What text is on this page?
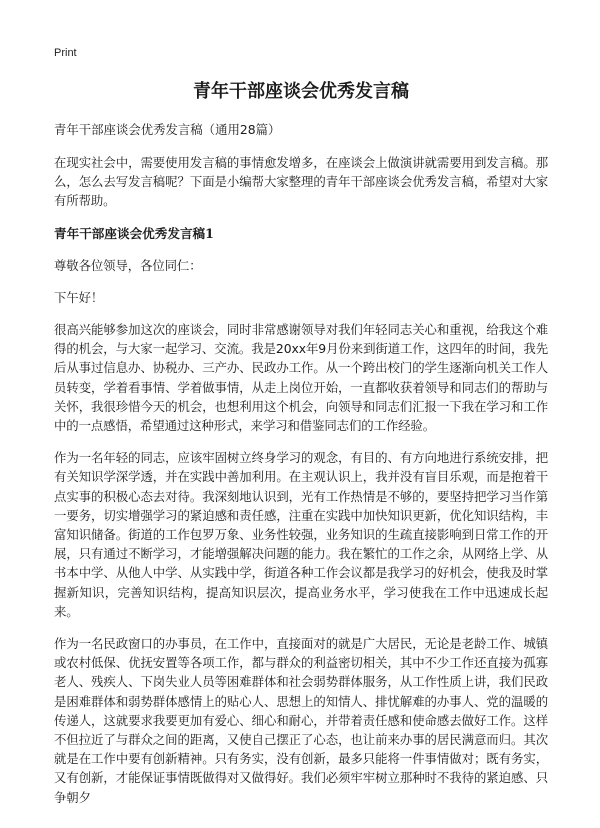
Print
青年干部座谈会优秀发言稿

青年干部座谈会优秀发言稿（通用28篇）

在现实社会中，需要使用发言稿的事情愈发增多，在座谈会上做演讲就需要用到发言稿。那么，怎么去写发言稿呢？下面是小编帮大家整理的青年干部座谈会优秀发言稿，希望对大家有所帮助。

青年干部座谈会优秀发言稿1

尊敬各位领导，各位同仁：

下午好！

很高兴能够参加这次的座谈会，同时非常感谢领导对我们年轻同志关心和重视，给我这个难得的机会，与大家一起学习、交流。我是20xx年9月份来到街道工作，这四年的时间，我先后从事过信息办、协税办、三产办、民政办工作。从一个跨出校门的学生逐渐向机关工作人员转变，学着看事情、学着做事情，从走上岗位开始，一直都收获着领导和同志们的帮助与关怀，我很珍惜今天的机会，也想利用这个机会，向领导和同志们汇报一下我在学习和工作中的一点感悟，希望通过这种形式，来学习和借鉴同志们的工作经验。

作为一名年轻的同志，应该牢固树立终身学习的观念，有目的、有方向地进行系统安排，把有关知识学深学透，并在实践中善加利用。在主观认识上，我并没有盲目乐观，而是抱着干点实事的积极心态去对待。我深刻地认识到，光有工作热情是不够的，要坚持把学习当作第一要务，切实增强学习的紧迫感和责任感，注重在实践中加快知识更新，优化知识结构，丰富知识储备。街道的工作包罗万象、业务性较强，业务知识的生疏直接影响到日常工作的开展，只有通过不断学习，才能增强解决问题的能力。我在繁忙的工作之余，从网络上学、从书本中学、从他人中学、从实践中学，街道各种工作会议都是我学习的好机会，使我及时掌握新知识，完善知识结构，提高知识层次，提高业务水平，学习使我在工作中迅速成长起来。

作为一名民政窗口的办事员，在工作中，直接面对的就是广大居民，无论是老龄工作、城镇或农村低保、优抚安置等各项工作，都与群众的利益密切相关，其中不少工作还直接为孤寡老人、残疾人、下岗失业人员等困难群体和社会弱势群体服务，从工作性质上讲，我们民政是困难群体和弱势群体感情上的贴心人、思想上的知情人、排忧解难的办事人、党的温暖的传递人，这就要求我要更加有爱心、细心和耐心，并带着责任感和使命感去做好工作。这样不但拉近了与群众之间的距离，又使自己摆正了心态，也让前来办事的居民满意而归。其次就是在工作中要有创新精神。只有务实，没有创新，最多只能将一件事情做对；既有务实，又有创新，才能保证事情既做得对又做得好。我们必须牢牢树立那种时不我待的紧迫感、只争朝夕
